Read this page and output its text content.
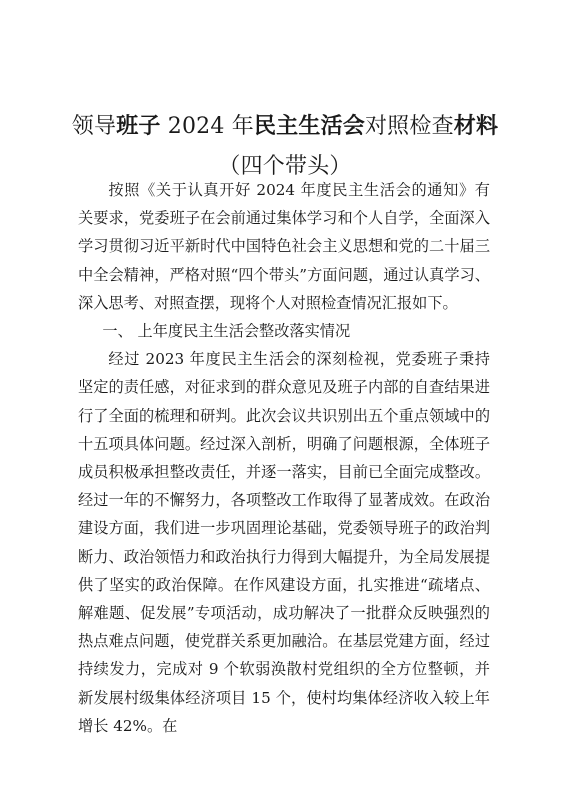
领导班子 2024 年民主生活会对照检查材料（四个带头）

按照《关于认真开好 2024 年度民主生活会的通知》有关要求，党委班子在会前通过集体学习和个人自学，全面深入学习贯彻习近平新时代中国特色社会主义思想和党的二十届三中全会精神，严格对照“四个带头”方面问题，通过认真学习、深入思考、对照查摆，现将个人对照检查情况汇报如下。

一、 上年度民主生活会整改落实情况

经过 2023 年度民主生活会的深刻检视，党委班子秉持坚定的责任感，对征求到的群众意见及班子内部的自查结果进行了全面的梳理和研判。此次会议共识别出五个重点领域中的十五项具体问题。经过深入剖析，明确了问题根源，全体班子成员积极承担整改责任，并逐一落实，目前已全面完成整改。经过一年的不懈努力，各项整改工作取得了显著成效。在政治建设方面，我们进一步巩固理论基础，党委领导班子的政治判断力、政治领悟力和政治执行力得到大幅提升，为全局发展提供了坚实的政治保障。在作风建设方面，扎实推进“疏堵点、解难题、促发展”专项活动，成功解决了一批群众反映强烈的热点难点问题，使党群关系更加融洽。在基层党建方面，经过持续发力，完成对 9 个软弱涣散村党组织的全方位整顿，并新发展村级集体经济项目 15 个，使村均集体经济收入较上年增长 42%。在
